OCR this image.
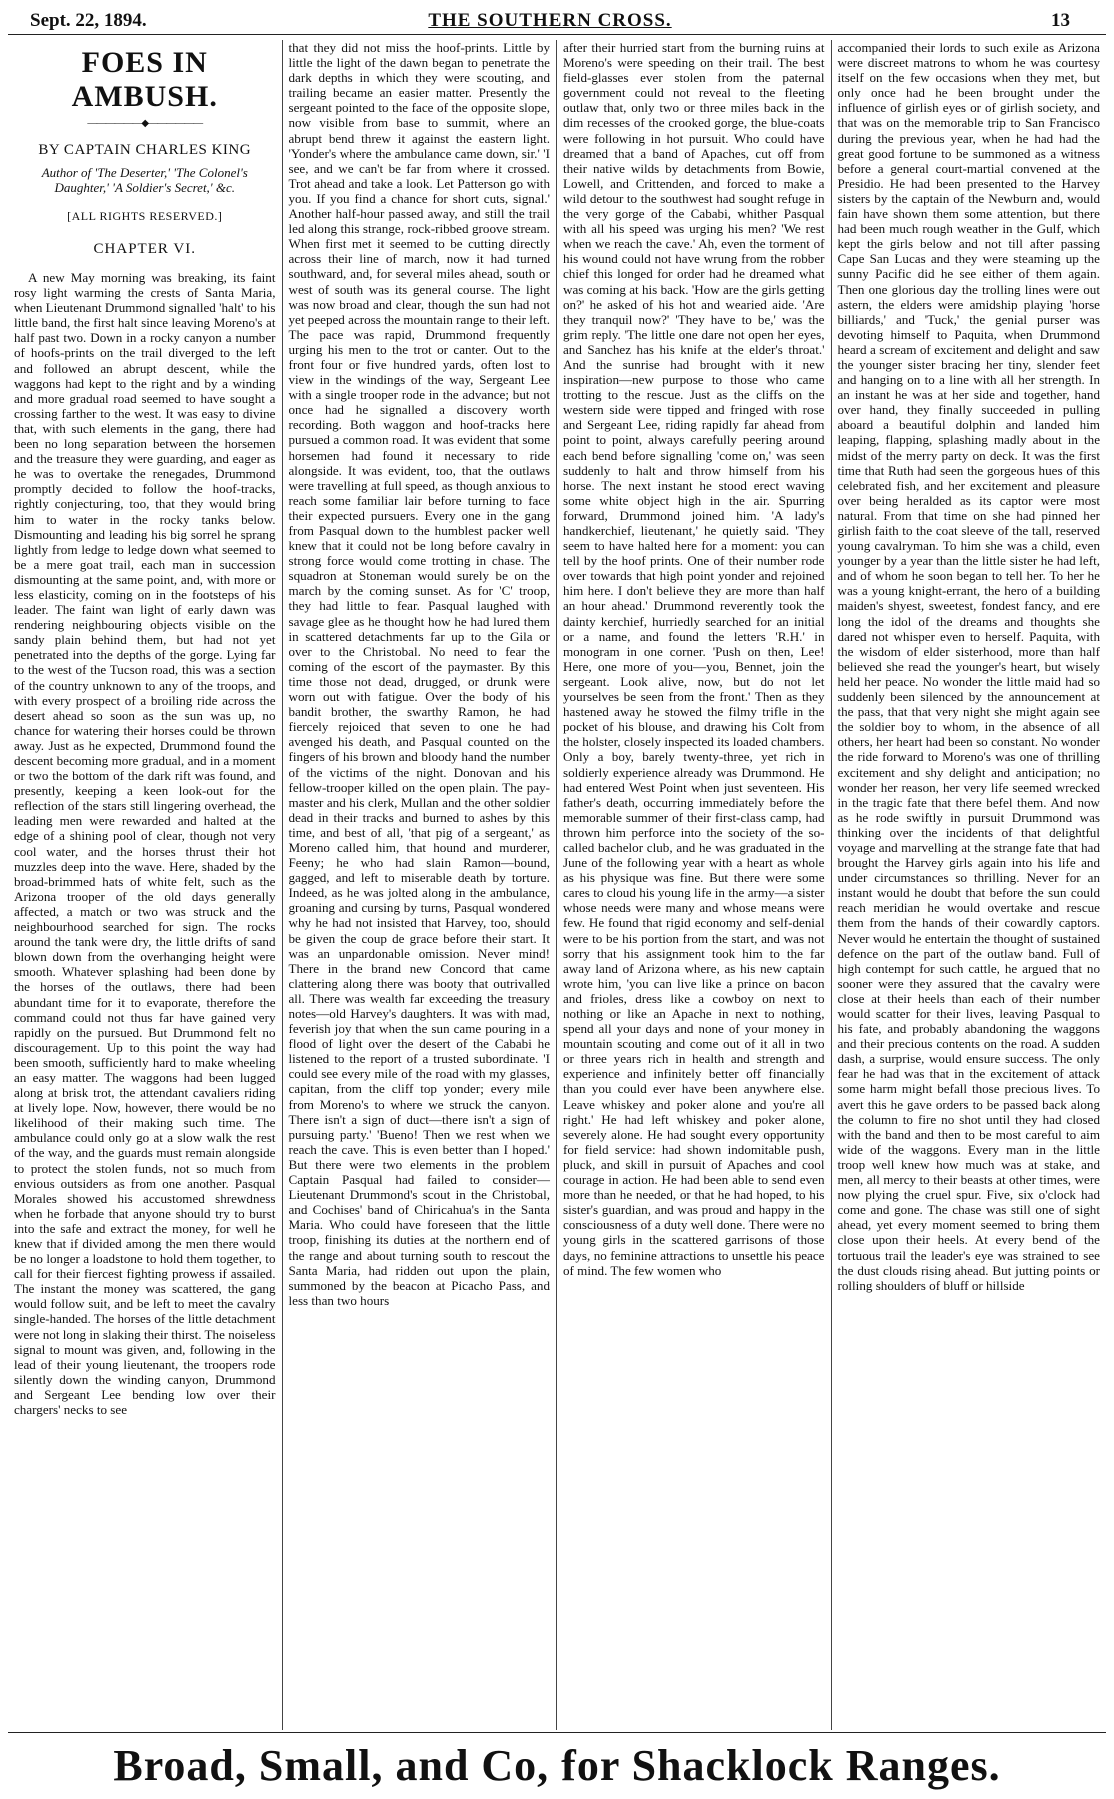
Sept. 22, 1894.	THE SOUTHERN CROSS.	13
FOES IN AMBUSH.
——————◆——————
BY CAPTAIN CHARLES KING
Author of 'The Deserter,' 'The Colonel's Daughter,' 'A Soldier's Secret,' &c.
[ALL RIGHTS RESERVED.]
CHAPTER VI.

A new May morning was breaking, its faint rosy light warming the crests of Santa Maria, when Lieutenant Drummond signalled 'halt' to his little band, the first halt since leaving Moreno's at half past two. Down in a rocky canyon a number of hoofs-prints on the trail diverged to the left and followed an abrupt descent, while the waggons had kept to the right and by a winding and more gradual road seemed to have sought a crossing farther to the west. It was easy to divine that, with such elements in the gang, there had been no long separation between the horsemen and the treasure they were guarding, and eager as he was to overtake the renegades, Drummond promptly decided to follow the hoof-tracks, rightly conjecturing, too, that they would bring him to water in the rocky tanks below. Dismounting and leading his big sorrel he sprang lightly from ledge to ledge down what seemed to be a mere goat trail, each man in succession dismounting at the same point, and, with more or less elasticity, coming on in the footsteps of his leader. The faint wan light of early dawn was rendering neighbouring objects visible on the sandy plain behind them, but had not yet penetrated into the depths of the gorge. Lying far to the west of the Tucson road, this was a section of the country unknown to any of the troops, and with every prospect of a broiling ride across the desert ahead so soon as the sun was up, no chance for watering their horses could be thrown away. Just as he expected, Drummond found the descent becoming more gradual, and in a moment or two the bottom of the dark rift was found, and presently, keeping a keen look-out for the reflection of the stars still lingering overhead, the leading men were rewarded and halted at the edge of a shining pool of clear, though not very cool water, and the horses thrust their hot muzzles deep into the wave. Here, shaded by the broad-brimmed hats of white felt, such as the Arizona trooper of the old days generally affected, a match or two was struck and the neighbourhood searched for sign. The rocks around the tank were dry, the little drifts of sand blown down from the overhanging height were smooth. Whatever splashing had been done by the horses of the outlaws, there had been abundant time for it to evaporate, therefore the command could not thus far have gained very rapidly on the pursued. But Drummond felt no discouragement. Up to this point the way had been smooth, sufficiently hard to make wheeling an easy matter. The waggons had been lugged along at brisk trot, the attendant cavaliers riding at lively lope. Now, however, there would be no likelihood of their making such time. The ambulance could only go at a slow walk the rest of the way, and the guards must remain alongside to protect the stolen funds, not so much from envious outsiders as from one another. Pasqual Morales showed his accustomed shrewdness when he forbade that anyone should try to burst into the safe and extract the money, for well he knew that if divided among the men there would be no longer a loadstone to hold them together, to call for their fiercest fighting prowess if assailed. The instant the money was scattered, the gang would follow suit, and be left to meet the cavalry single-handed. The horses of the little detachment were not long in slaking their thirst. The noiseless signal to mount was given, and, following in the lead of their young lieutenant, the troopers rode silently down the winding canyon, Drummond and Sergeant Lee bending low over their chargers' necks to see

that they did not miss the hoof-prints. Little by little the light of the dawn began to penetrate the dark depths in which they were scouting, and trailing became an easier matter. Presently the sergeant pointed to the face of the opposite slope, now visible from base to summit, where an abrupt bend threw it against the eastern light. 'Yonder's where the ambulance came down, sir.' 'I see, and we can't be far from where it crossed. Trot ahead and take a look. Let Patterson go with you. If you find a chance for short cuts, signal.' Another half-hour passed away, and still the trail led along this strange, rock-ribbed groove stream. When first met it seemed to be cutting directly across their line of march, now it had turned southward, and, for several miles ahead, south or west of south was its general course. The light was now broad and clear, though the sun had not yet peeped across the mountain range to their left. The pace was rapid, Drummond frequently urging his men to the trot or canter. Out to the front four or five hundred yards, often lost to view in the windings of the way, Sergeant Lee with a single trooper rode in the advance; but not once had he signalled a discovery worth recording. Both waggon and hoof-tracks here pursued a common road. It was evident that some horsemen had found it necessary to ride alongside. It was evident, too, that the outlaws were travelling at full speed, as though anxious to reach some familiar lair before turning to face their expected pursuers. Every one in the gang from Pasqual down to the humblest packer well knew that it could not be long before cavalry in strong force would come trotting in chase. The squadron at Stoneman would surely be on the march by the coming sunset. As for 'C' troop, they had little to fear. Pasqual laughed with savage glee as he thought how he had lured them in scattered detachments far up to the Gila or over to the Christobal. No need to fear the coming of the escort of the paymaster. By this time those not dead, drugged, or drunk were worn out with fatigue. Over the body of his bandit brother, the swarthy Ramon, he had fiercely rejoiced that seven to one he had avenged his death, and Pasqual counted on the fingers of his brown and bloody hand the number of the victims of the night. Donovan and his fellow-trooper killed on the open plain. The pay-master and his clerk, Mullan and the other soldier dead in their tracks and burned to ashes by this time, and best of all, 'that pig of a sergeant,' as Moreno called him, that hound and murderer, Feeny; he who had slain Ramon—bound, gagged, and left to miserable death by torture. Indeed, as he was jolted along in the ambulance, groaning and cursing by turns, Pasqual wondered why he had not insisted that Harvey, too, should be given the coup de grace before their start. It was an unpardonable omission. Never mind! There in the brand new Concord that came clattering along there was booty that outrivalled all. There was wealth far exceeding the treasury notes—old Harvey's daughters. It was with mad, feverish joy that when the sun came pouring in a flood of light over the desert of the Cababi he listened to the report of a trusted subordinate. 'I could see every mile of the road with my glasses, capitan, from the cliff top yonder; every mile from Moreno's to where we struck the canyon. There isn't a sign of duct—there isn't a sign of pursuing party.' 'Bueno! Then we rest when we reach the cave. This is even better than I hoped.' But there were two elements in the problem Captain Pasqual had failed to consider—Lieutenant Drummond's scout in the Christobal, and Cochises' band of Chiricahua's in the Santa Maria. Who could have foreseen that the little troop, finishing its duties at the northern end of the range and about turning south to rescout the Santa Maria, had ridden out upon the plain, summoned by the beacon at Picacho Pass, and less than two hours

after their hurried start from the burning ruins at Moreno's were speeding on their trail. The best field-glasses ever stolen from the paternal government could not reveal to the fleeting outlaw that, only two or three miles back in the dim recesses of the crooked gorge, the blue-coats were following in hot pursuit. Who could have dreamed that a band of Apaches, cut off from their native wilds by detachments from Bowie, Lowell, and Crittenden, and forced to make a wild detour to the southwest had sought refuge in the very gorge of the Cababi, whither Pasqual with all his speed was urging his men? 'We rest when we reach the cave.' Ah, even the torment of his wound could not have wrung from the robber chief this longed for order had he dreamed what was coming at his back. 'How are the girls getting on?' he asked of his hot and wearied aide. 'Are they tranquil now?' 'They have to be,' was the grim reply. 'The little one dare not open her eyes, and Sanchez has his knife at the elder's throat.' And the sunrise had brought with it new inspiration—new purpose to those who came trotting to the rescue. Just as the cliffs on the western side were tipped and fringed with rose and Sergeant Lee, riding rapidly far ahead from point to point, always carefully peering around each bend before signalling 'come on,' was seen suddenly to halt and throw himself from his horse. The next instant he stood erect waving some white object high in the air. Spurring forward, Drummond joined him. 'A lady's handkerchief, lieutenant,' he quietly said. 'They seem to have halted here for a moment: you can tell by the hoof prints. One of their number rode over towards that high point yonder and rejoined him here. I don't believe they are more than half an hour ahead.' Drummond reverently took the dainty kerchief, hurriedly searched for an initial or a name, and found the letters 'R.H.' in monogram in one corner. 'Push on then, Lee! Here, one more of you—you, Bennet, join the sergeant. Look alive, now, but do not let yourselves be seen from the front.' Then as they hastened away he stowed the filmy trifle in the pocket of his blouse, and drawing his Colt from the holster, closely inspected its loaded chambers. Only a boy, barely twenty-three, yet rich in soldierly experience already was Drummond. He had entered West Point when just seventeen. His father's death, occurring immediately before the memorable summer of their first-class camp, had thrown him perforce into the society of the so-called bachelor club, and he was graduated in the June of the following year with a heart as whole as his physique was fine. But there were some cares to cloud his young life in the army—a sister whose needs were many and whose means were few. He found that rigid economy and self-denial were to be his portion from the start, and was not sorry that his assignment took him to the far away land of Arizona where, as his new captain wrote him, 'you can live like a prince on bacon and frioles, dress like a cowboy on next to nothing or like an Apache in next to nothing, spend all your days and none of your money in mountain scouting and come out of it all in two or three years rich in health and strength and experience and infinitely better off financially than you could ever have been anywhere else. Leave whiskey and poker alone and you're all right.' He had left whiskey and poker alone, severely alone. He had sought every opportunity for field service: had shown indomitable push, pluck, and skill in pursuit of Apaches and cool courage in action. He had been able to send even more than he needed, or that he had hoped, to his sister's guardian, and was proud and happy in the consciousness of a duty well done. There were no young girls in the scattered garrisons of those days, no feminine attractions to unsettle his peace of mind. The few women who

accompanied their lords to such exile as Arizona were discreet matrons to whom he was courtesy itself on the few occasions when they met, but only once had he been brought under the influence of girlish eyes or of girlish society, and that was on the memorable trip to San Francisco during the previous year, when he had had the great good fortune to be summoned as a witness before a general court-martial convened at the Presidio. He had been presented to the Harvey sisters by the captain of the Newburn and, would fain have shown them some attention, but there had been much rough weather in the Gulf, which kept the girls below and not till after passing Cape San Lucas and they were steaming up the sunny Pacific did he see either of them again. Then one glorious day the trolling lines were out astern, the elders were amidship playing 'horse billiards,' and 'Tuck,' the genial purser was devoting himself to Paquita, when Drummond heard a scream of excitement and delight and saw the younger sister bracing her tiny, slender feet and hanging on to a line with all her strength. In an instant he was at her side and together, hand over hand, they finally succeeded in pulling aboard a beautiful dolphin and landed him leaping, flapping, splashing madly about in the midst of the merry party on deck. It was the first time that Ruth had seen the gorgeous hues of this celebrated fish, and her excitement and pleasure over being heralded as its captor were most natural. From that time on she had pinned her girlish faith to the coat sleeve of the tall, reserved young cavalryman. To him she was a child, even younger by a year than the little sister he had left, and of whom he soon began to tell her. To her he was a young knight-errant, the hero of a building maiden's shyest, sweetest, fondest fancy, and ere long the idol of the dreams and thoughts she dared not whisper even to herself. Paquita, with the wisdom of elder sisterhood, more than half believed she read the younger's heart, but wisely held her peace. No wonder the little maid had so suddenly been silenced by the announcement at the pass, that that very night she might again see the soldier boy to whom, in the absence of all others, her heart had been so constant. No wonder the ride forward to Moreno's was one of thrilling excitement and shy delight and anticipation; no wonder her reason, her very life seemed wrecked in the tragic fate that there befel them. And now as he rode swiftly in pursuit Drummond was thinking over the incidents of that delightful voyage and marvelling at the strange fate that had brought the Harvey girls again into his life and under circumstances so thrilling. Never for an instant would he doubt that before the sun could reach meridian he would overtake and rescue them from the hands of their cowardly captors. Never would he entertain the thought of sustained defence on the part of the outlaw band. Full of high contempt for such cattle, he argued that no sooner were they assured that the cavalry were close at their heels than each of their number would scatter for their lives, leaving Pasqual to his fate, and probably abandoning the waggons and their precious contents on the road. A sudden dash, a surprise, would ensure success. The only fear he had was that in the excitement of attack some harm might befall those precious lives. To avert this he gave orders to be passed back along the column to fire no shot until they had closed with the band and then to be most careful to aim wide of the waggons. Every man in the little troop well knew how much was at stake, and men, all mercy to their beasts at other times, were now plying the cruel spur. Five, six o'clock had come and gone. The chase was still one of sight ahead, yet every moment seemed to bring them close upon their heels. At every bend of the tortuous trail the leader's eye was strained to see the dust clouds rising ahead. But jutting points or rolling shoulders of bluff or hillside

Broad, Small, and Co, for Shacklock Ranges.
